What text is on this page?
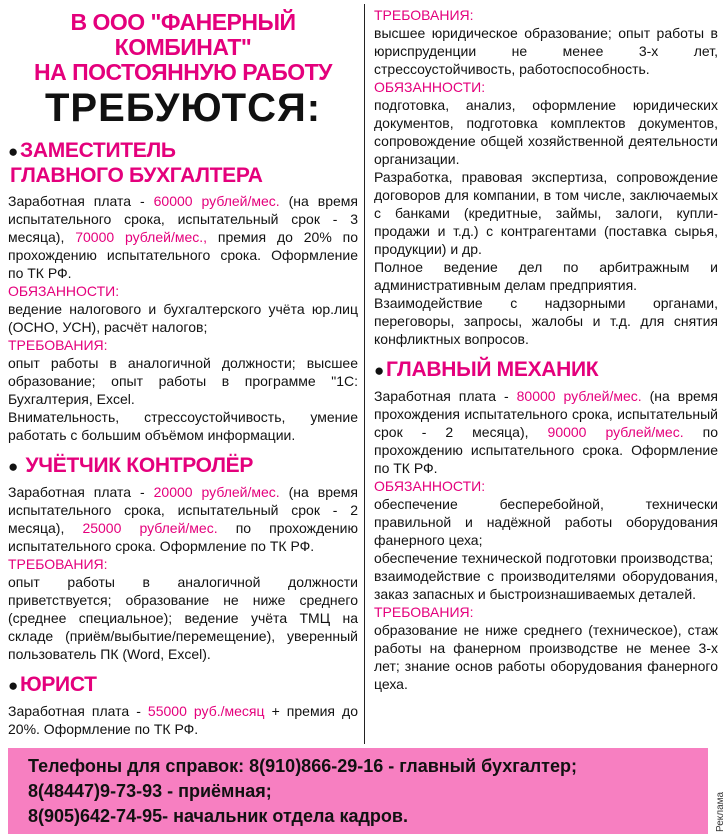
В ООО "ФАНЕРНЫЙ КОМБИНАТ"
НА ПОСТОЯННУЮ РАБОТУ
ТРЕБУЮТСЯ:
●ЗАМЕСТИТЕЛЬ
ГЛАВНОГО БУХГАЛТЕРА
Заработная плата - 60000 рублей/мес. (на время испытательного срока, испытательный срок - 3 месяца), 70000 рублей/мес., премия до 20% по прохождению испытательного срока. Оформление по ТК РФ.
ОБЯЗАННОСТИ:
ведение налогового и бухгалтерского учёта юр.лиц (ОСНО, УСН), расчёт налогов;
ТРЕБОВАНИЯ:
опыт работы в аналогичной должности; высшее образование; опыт работы в программе "1С: Бухгалтерия, Excel.
Внимательность, стрессоустойчивость, умение работать с большим объёмом информации.
● УЧЁТЧИК КОНТРОЛЁР
Заработная плата - 20000 рублей/мес. (на время испытательного срока, испытательный срок - 2 месяца), 25000 рублей/мес. по прохождению испытательного срока. Оформление по ТК РФ.
ТРЕБОВАНИЯ:
опыт работы в аналогичной должности приветствуется; образование не ниже среднего (среднее специальное); ведение учёта ТМЦ на складе (приём/выбытие/перемещение), уверенный пользователь ПК (Word, Excel).
●ЮРИСТ
Заработная плата - 55000 руб./месяц + премия до 20%. Оформление по ТК РФ.
ТРЕБОВАНИЯ:
высшее юридическое образование; опыт работы в юриспруденции не менее 3-х лет, стрессоустойчивость, работоспособность.
ОБЯЗАННОСТИ:
подготовка, анализ, оформление юридических документов, подготовка комплектов документов, сопровождение общей хозяйственной деятельности организации.
Разработка, правовая экспертиза, сопровождение договоров для компании, в том числе, заключаемых с банками (кредитные, займы, залоги, купли-продажи и т.д.) с контрагентами (поставка сырья, продукции) и др.
Полное ведение дел по арбитражным и административным делам предприятия.
Взаимодействие с надзорными органами, переговоры, запросы, жалобы и т.д. для снятия конфликтных вопросов.
●ГЛАВНЫЙ МЕХАНИК
Заработная плата - 80000 рублей/мес. (на время прохождения испытательного срока, испытательный срок - 2 месяца), 90000 рублей/мес. по прохождению испытательного срока. Оформление по ТК РФ.
ОБЯЗАННОСТИ:
обеспечение бесперебойной, технически правильной и надёжной работы оборудования фанерного цеха;
обеспечение технической подготовки производства;
взаимодействие с производителями оборудования, заказ запасных и быстроизнашиваемых деталей.
ТРЕБОВАНИЯ:
образование не ниже среднего (техническое), стаж работы на фанерном производстве не менее 3-х лет; знание основ работы оборудования фанерного цеха.
Телефоны для справок: 8(910)866-29-16 - главный бухгалтер;
8(48447)9-73-93 - приёмная;
8(905)642-74-95- начальник отдела кадров.	Реклама
